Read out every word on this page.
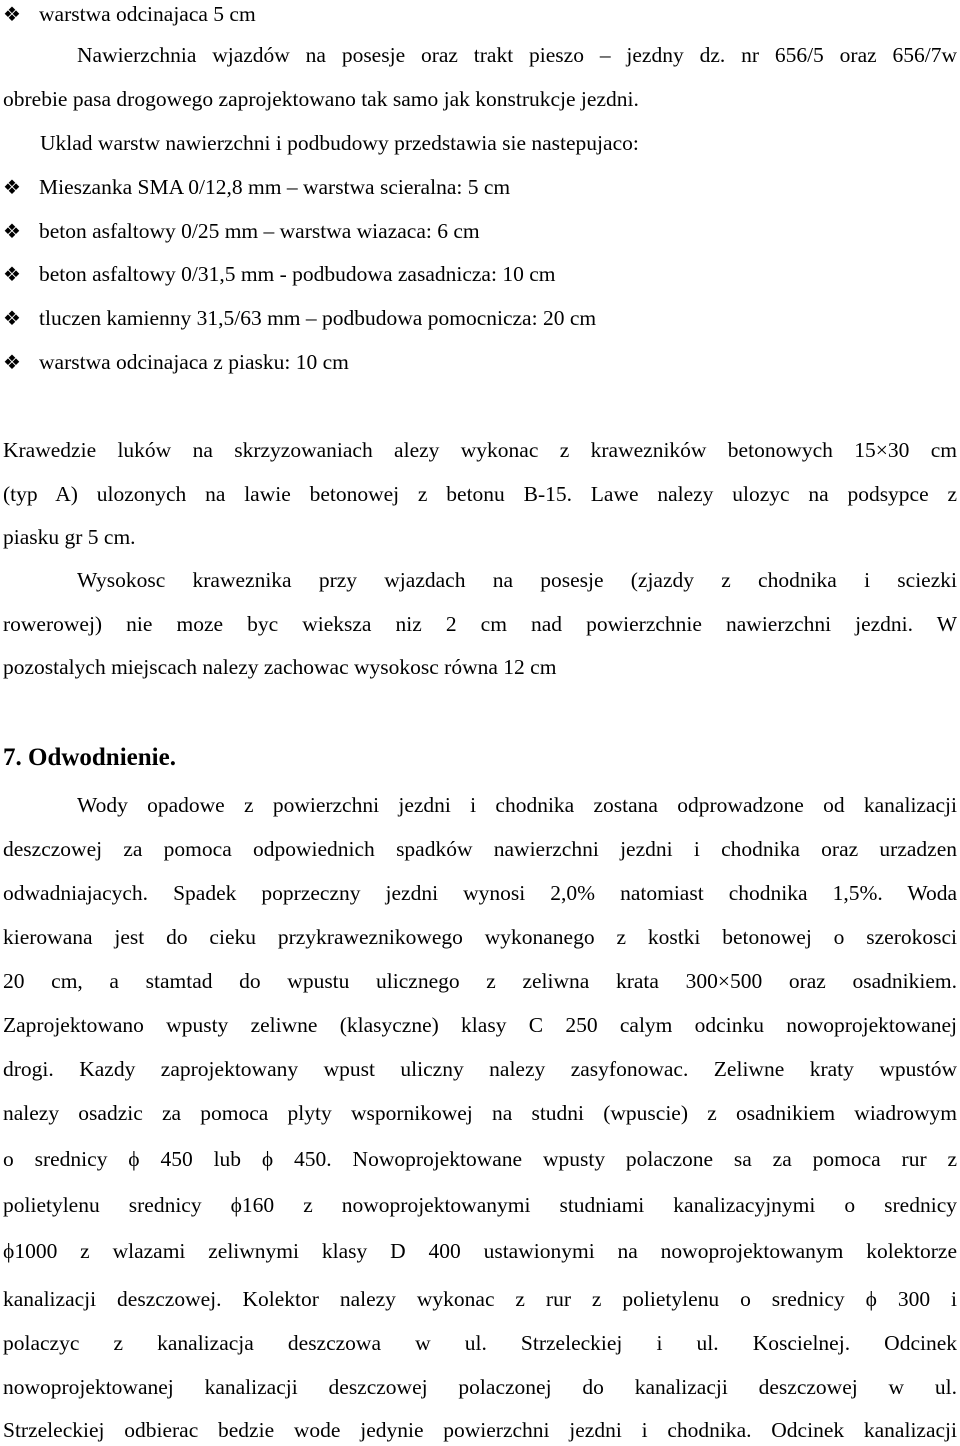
❖ warstwa odcinajaca 5 cm
Nawierzchnia wjazdów na posesje oraz trakt pieszo – jezdny dz. nr 656/5 oraz 656/7w
obrebie pasa drogowego zaprojektowano tak samo jak konstrukcje jezdni.
Uklad warstw nawierzchni i podbudowy przedstawia sie nastepujaco:
❖ Mieszanka SMA 0/12,8 mm – warstwa scieralna: 5 cm
❖ beton asfaltowy 0/25 mm – warstwa wiazaca: 6 cm
❖ beton asfaltowy 0/31,5 mm - podbudowa zasadnicza: 10 cm
❖ tluczen kamienny 31,5/63 mm – podbudowa pomocnicza: 20 cm
❖ warstwa odcinajaca z piasku: 10 cm
Krawedzie luków na skrzyzowaniach alezy wykonac z krawezników betonowych 15×30 cm
(typ A) ulozonych na lawie betonowej z betonu B-15. Lawe nalezy ulozyc na podsypce z
piasku gr 5 cm.
Wysokosc kraweznika przy wjazdach na posesje (zjazdy z chodnika i sciezki
rowerowej) nie moze byc wieksza niz 2 cm nad powierzchnie nawierzchni jezdni. W
pozostalych miejscach nalezy zachowac wysokosc równa 12 cm
7. Odwodnienie.
Wody opadowe z powierzchni jezdni i chodnika zostana odprowadzone od kanalizacji
deszczowej za pomoca odpowiednich spadków nawierzchni jezdni i chodnika oraz urzadzen
odwadniajacych. Spadek poprzeczny jezdni wynosi 2,0% natomiast chodnika 1,5%. Woda
kierowana jest do cieku przykraweznikowego wykonanego z kostki betonowej o szerokosci
20 cm, a stamtad do wpustu ulicznego z zeliwna krata 300×500 oraz osadnikiem.
Zaprojektowano wpusty zeliwne (klasyczne) klasy C 250 calym odcinku nowoprojektowanej
drogi. Kazdy zaprojektowany wpust uliczny nalezy zasyfonowac. Zeliwne kraty wpustów
nalezy osadzic za pomoca plyty wspornikowej na studni (wpuscie) z osadnikiem wiadrowym
o srednicy ϕ 450 lub ϕ 450. Nowoprojektowane wpusty polaczone sa za pomoca rur z
polietylenu srednicy ϕ160 z nowoprojektowanymi studniami kanalizacyjnymi o srednicy
ϕ1000 z wlazami zeliwnymi klasy D 400 ustawionymi na nowoprojektowanym kolektorze
kanalizacji deszczowej. Kolektor nalezy wykonac z rur z polietylenu o srednicy ϕ 300 i
polaczyc z kanalizacja deszczowa w ul. Strzeleckiej i ul. Koscielnej. Odcinek
nowoprojektowanej kanalizacji deszczowej polaczonej do kanalizacji deszczowej w ul.
Strzeleckiej odbierac bedzie wode jedynie powierzchni jezdni i chodnika. Odcinek kanalizacji
